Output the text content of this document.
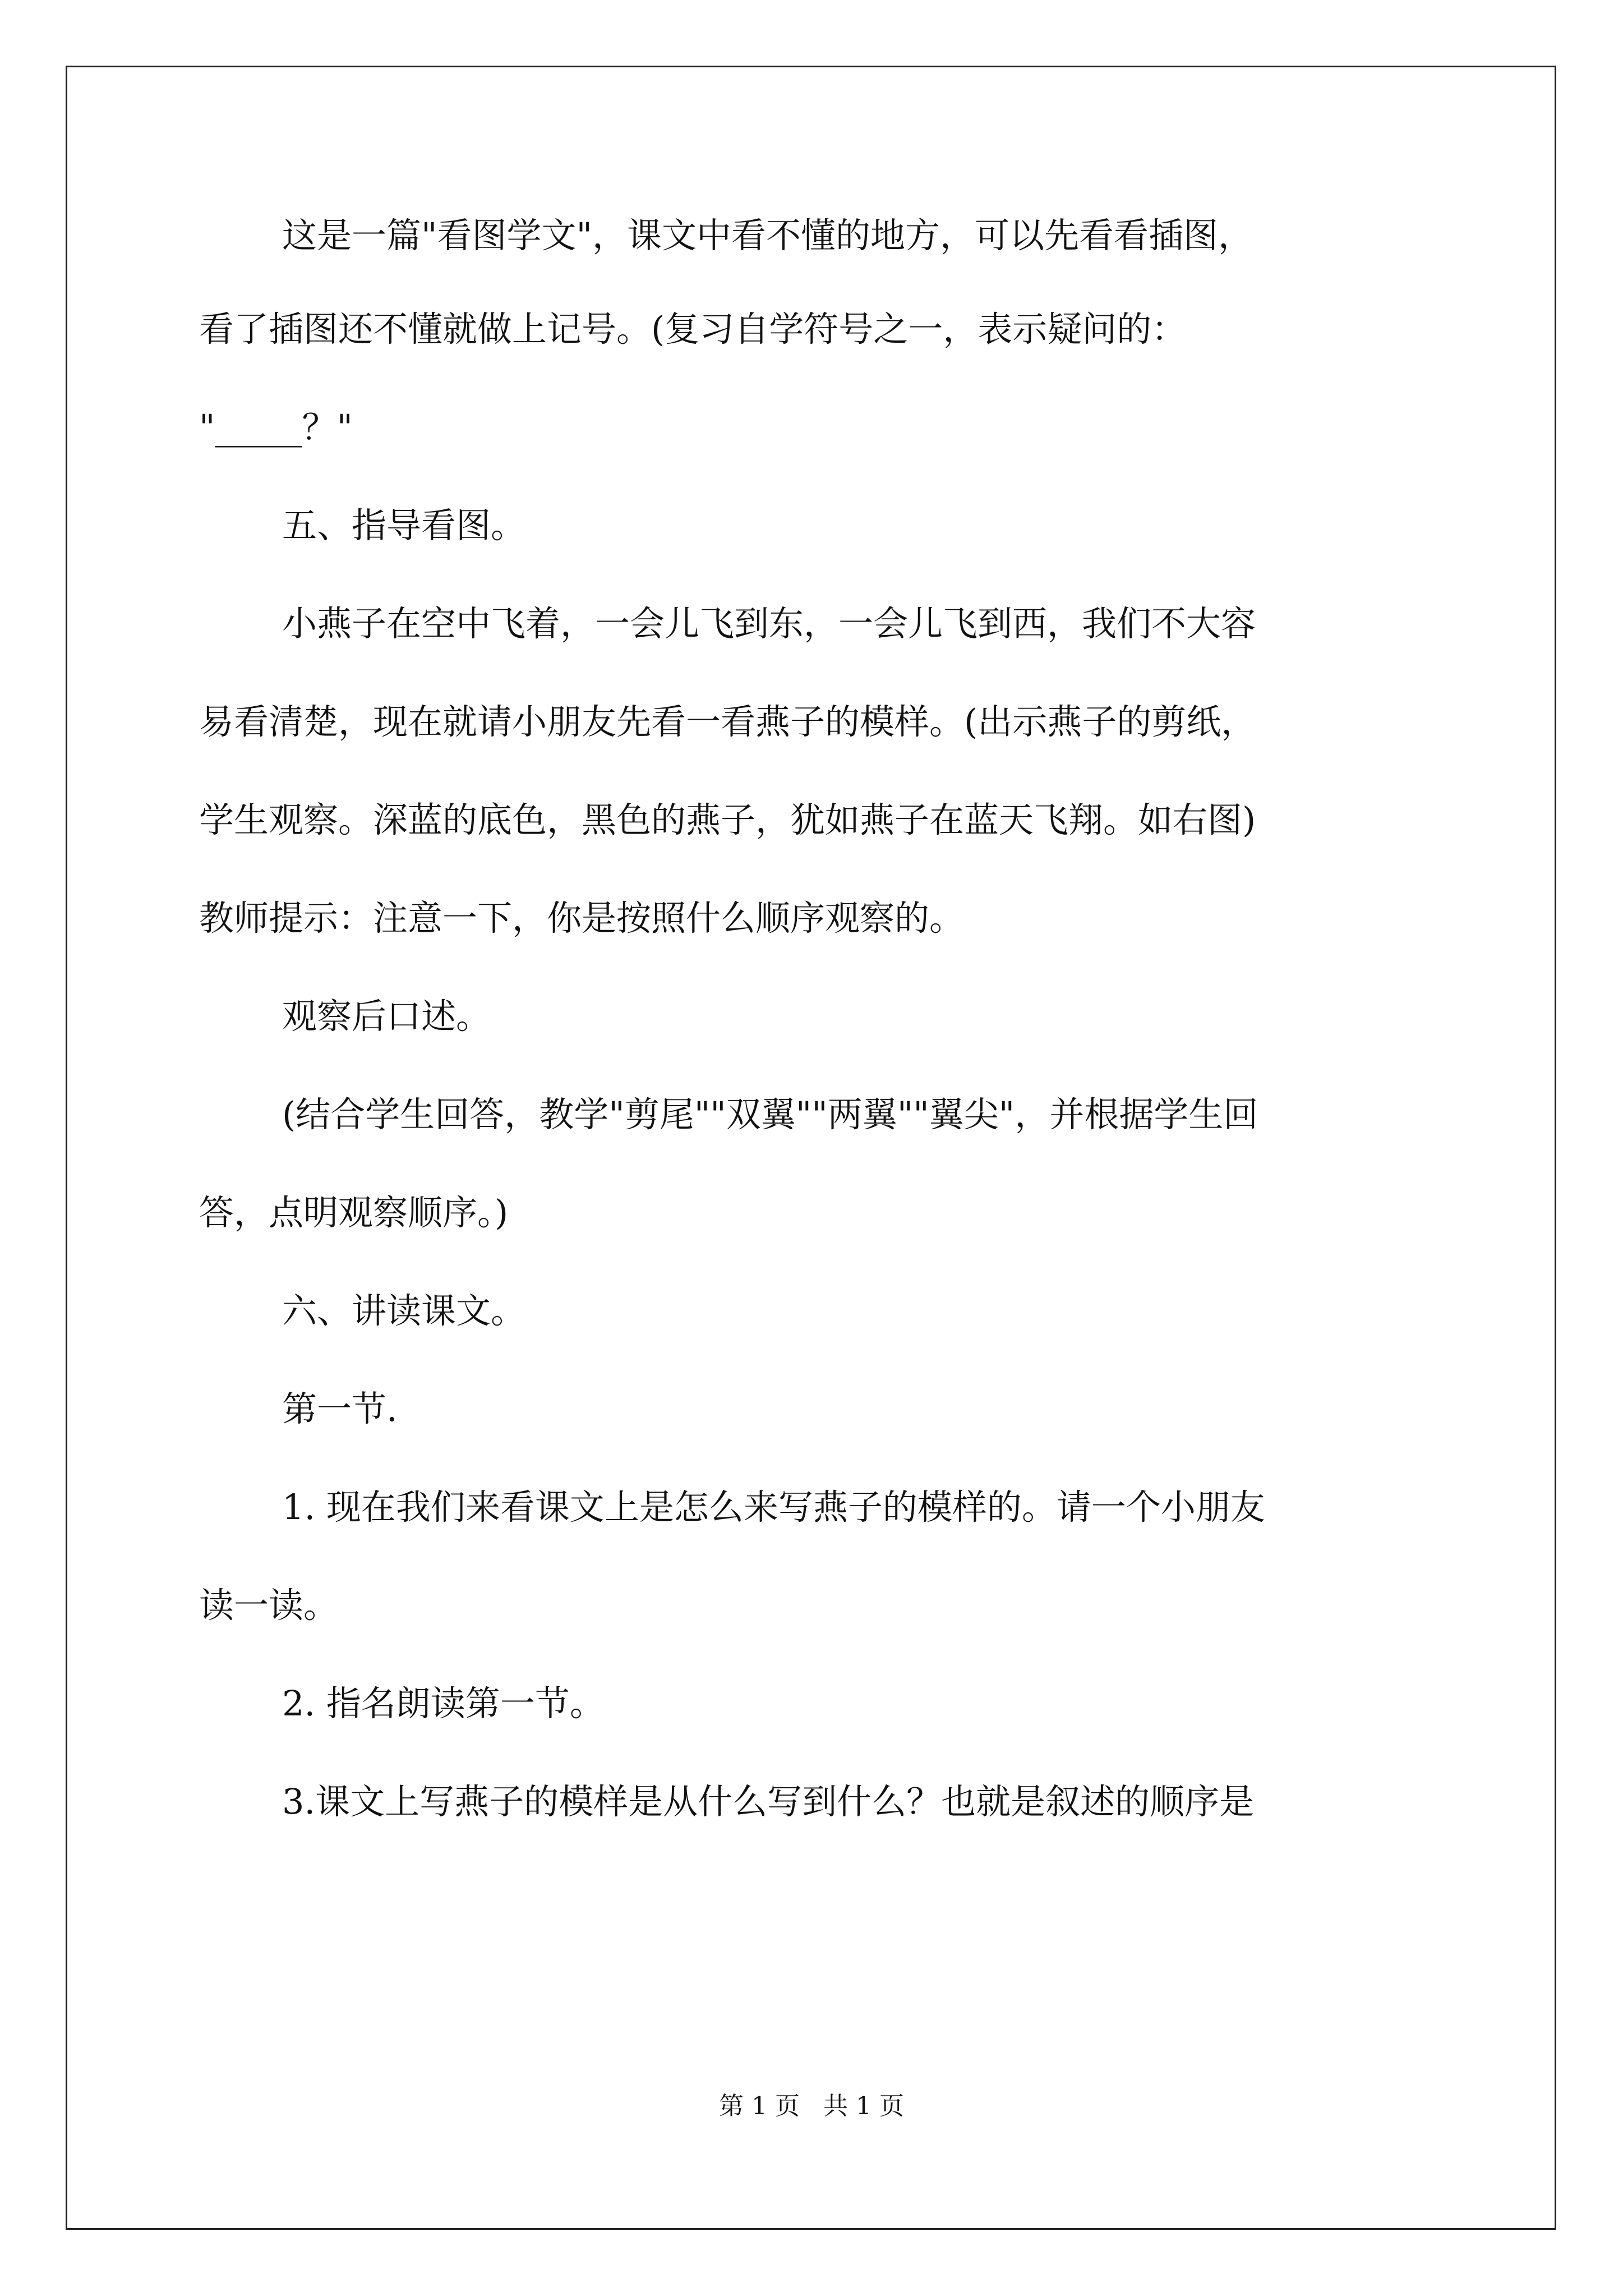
这是一篇"看图学文"，课文中看不懂的地方，可以先看看插图，
看了插图还不懂就做上记号。(复习自学符号之一，表示疑问的：
"_____？"
五、指导看图。
小燕子在空中飞着，一会儿飞到东，一会儿飞到西，我们不大容
易看清楚，现在就请小朋友先看一看燕子的模样。(出示燕子的剪纸，
学生观察。深蓝的底色，黑色的燕子，犹如燕子在蓝天飞翔。如右图)
教师提示：注意一下，你是按照什么顺序观察的。
观察后口述。
(结合学生回答，教学"剪尾""双翼""两翼""翼尖"，并根据学生回
答，点明观察顺序。)
六、讲读课文。
第一节.
1. 现在我们来看课文上是怎么来写燕子的模样的。请一个小朋友
读一读。
2. 指名朗读第一节。
3.课文上写燕子的模样是从什么写到什么？也就是叙述的顺序是
第 1 页   共 1 页
